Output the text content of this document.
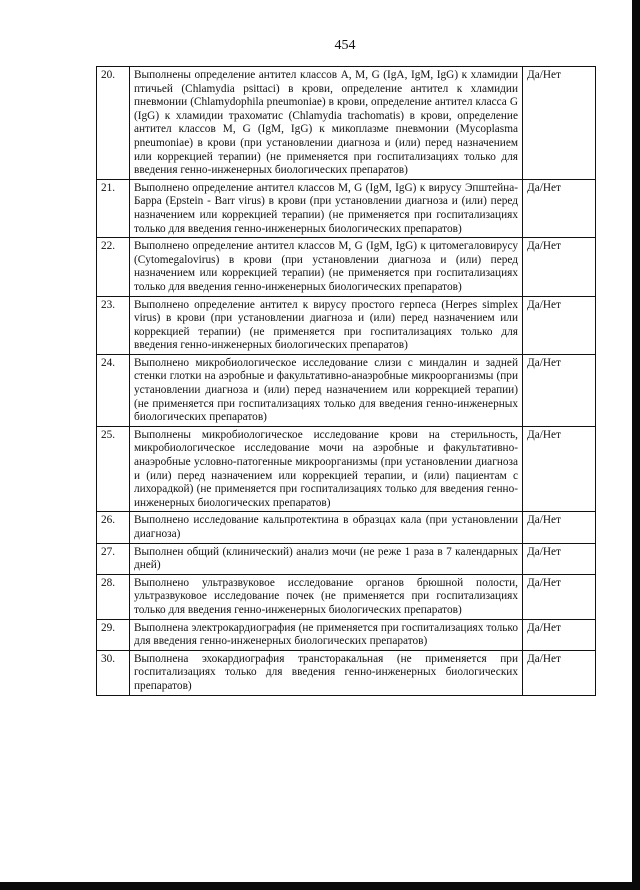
454
20.	Выполнены определение антител классов A, M, G (IgA, IgM, IgG) к хламидии птичьей (Chlamydia psittaci) в крови, определение антител к хламидии пневмонии (Chlamydophila pneumoniae) в крови, определение антител класса G (IgG) к хламидии трахоматис (Chlamydia trachomatis) в крови, определение антител классов M, G (IgM, IgG) к микоплазме пневмонии (Mycoplasma pneumoniae) в крови (при установлении диагноза и (или) перед назначением или коррекцией терапии) (не применяется при госпитализациях только для введения генно-инженерных биологических препаратов)	Да/Нет
21.	Выполнено определение антител классов M, G (IgM, IgG) к вирусу Эпштейна-Барра (Epstein - Barr virus) в крови (при установлении диагноза и (или) перед назначением или коррекцией терапии) (не применяется при госпитализациях только для введения генно-инженерных биологических препаратов)	Да/Нет
22.	Выполнено определение антител классов M, G (IgM, IgG) к цитомегаловирусу (Cytomegalovirus) в крови (при установлении диагноза и (или) перед назначением или коррекцией терапии) (не применяется при госпитализациях только для введения генно-инженерных биологических препаратов)	Да/Нет
23.	Выполнено определение антител к вирусу простого герпеса (Herpes simplex virus) в крови (при установлении диагноза и (или) перед назначением или коррекцией терапии) (не применяется при госпитализациях только для введения генно-инженерных биологических препаратов)	Да/Нет
24.	Выполнено микробиологическое исследование слизи с миндалин и задней стенки глотки на аэробные и факультативно-анаэробные микроорганизмы (при установлении диагноза и (или) перед назначением или коррекцией терапии) (не применяется при госпитализациях только для введения генно-инженерных биологических препаратов)	Да/Нет
25.	Выполнены микробиологическое исследование крови на стерильность, микробиологическое исследование мочи на аэробные и факультативно-анаэробные условно-патогенные микроорганизмы (при установлении диагноза и (или) перед назначением или коррекцией терапии, и (или) пациентам с лихорадкой) (не применяется при госпитализациях только для введения генно-инженерных биологических препаратов)	Да/Нет
26.	Выполнено исследование кальпротектина в образцах кала (при установлении диагноза)	Да/Нет
27.	Выполнен общий (клинический) анализ мочи (не реже 1 раза в 7 календарных дней)	Да/Нет
28.	Выполнено ультразвуковое исследование органов брюшной полости, ультразвуковое исследование почек (не применяется при госпитализациях только для введения генно-инженерных биологических препаратов)	Да/Нет
29.	Выполнена электрокардиография (не применяется при госпитализациях только для введения генно-инженерных биологических препаратов)	Да/Нет
30.	Выполнена эхокардиография трансторакальная (не применяется при госпитализациях только для введения генно-инженерных биологических препаратов)	Да/Нет
